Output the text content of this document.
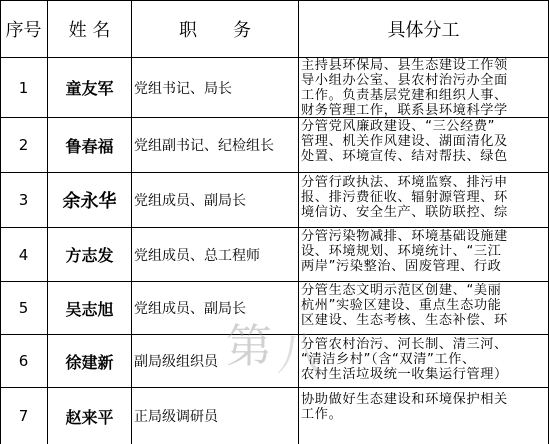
序号	姓 名	职　　务	具体分工
1	童友军	党组书记、局长
主持县环保局、县生态建设工作领
导小组办公室、县农村治污办全面
工作。负责基层党建和组织人事、
财务管理工作，联系县环境科学学
2	鲁春福	党组副书记、纪检组长
分管党风廉政建设、“三公经费”
管理、机关作风建设、湖面清化及
处置、环境宣传、结对帮扶、绿色
3	余永华	党组成员、副局长
分管行政执法、环境监察、排污申
报、排污费征收、辐射源管理、环
境信访、安全生产、联防联控、综
4	方志发	党组成员、总工程师
分管污染物减排、环境基础设施建
设、环境规划、环境统计、“三江
两岸”污染整治、固废管理、行政
5	吴志旭	党组成员、副局长
分管生态文明示范区创建、“美丽
杭州”实验区建设、重点生态功能
区建设、生态考核、生态补偿、环
6	徐建新	副局级组织员
分管农村治污、河长制、清三河、
“清洁乡村”（含“双清”工作、
农村生活垃圾统一收集运行管理）
7	赵来平	正局级调研员
协助做好生态建设和环境保护相关
工作。
第 八
